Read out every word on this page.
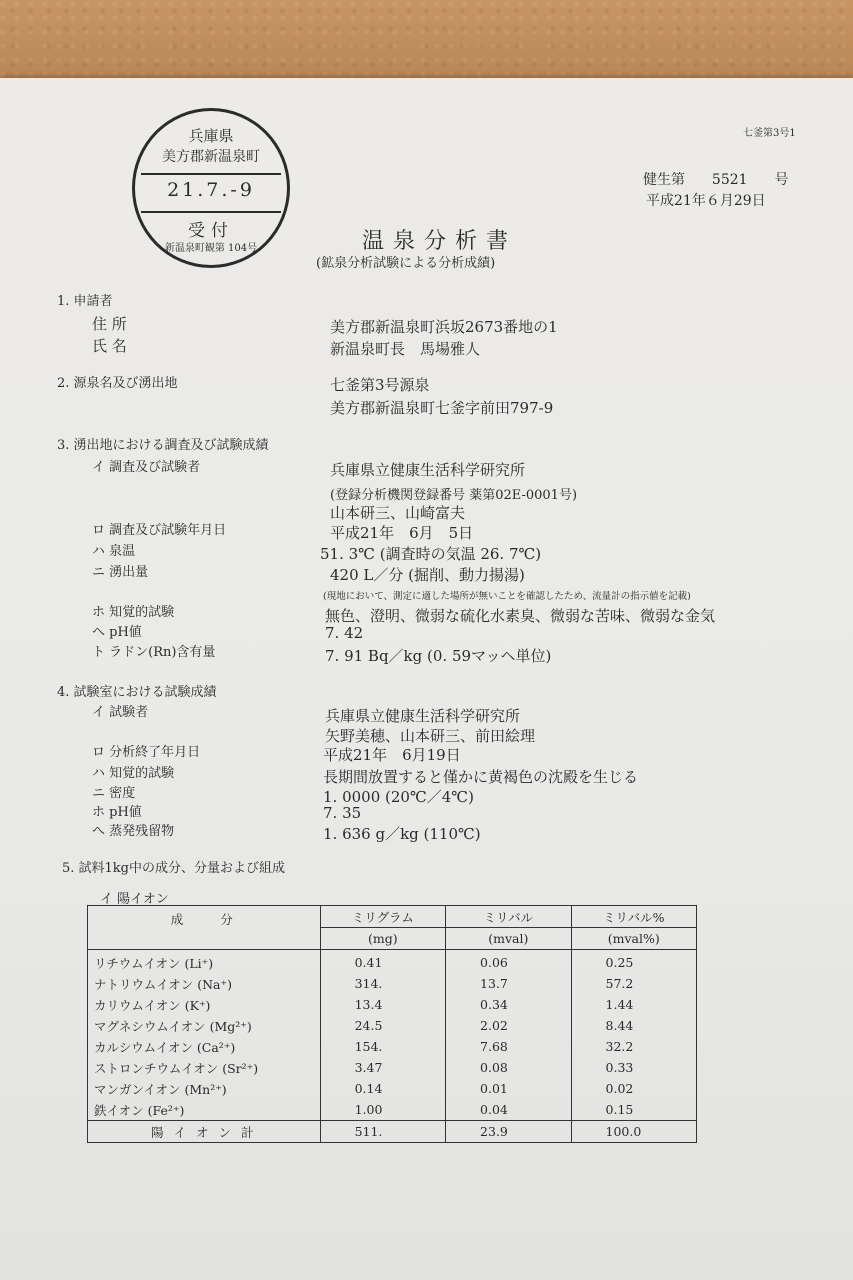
七釜第3号1
健生第 5521 号
平成21年６月29日
兵庫県
美方郡新温泉町
21.7.-9
受付
新温泉町観第 104号	温泉分析書
(鉱泉分析試験による分析成績)
1. 申請者
住 所	美方郡新温泉町浜坂2673番地の1
氏 名	新温泉町長　馬場雅人
2. 源泉名及び湧出地	七釜第3号源泉
美方郡新温泉町七釜字前田797-9
3. 湧出地における調査及び試験成績
イ 調査及び試験者	兵庫県立健康生活科学研究所
(登録分析機関登録番号 薬第02E-0001号)
山本研三、山崎富夫
ロ 調査及び試験年月日	平成21年　6月　5日
ハ 泉温	51. 3℃ (調査時の気温 26. 7℃)
ニ 湧出量	420 L／分 (掘削、動力揚湯)
(現地において、測定に適した場所が無いことを確認したため、流量計の指示値を記載)
ホ 知覚的試験	無色、澄明、微弱な硫化水素臭、微弱な苦味、微弱な金気
へ pH値	7. 42
ト ラドン(Rn)含有量	7. 91 Bq／kg (0. 59マッヘ単位)
4. 試験室における試験成績
イ 試験者	兵庫県立健康生活科学研究所
矢野美穂、山本研三、前田絵理
ロ 分析終了年月日	平成21年　6月19日
ハ 知覚的試験	長期間放置すると僅かに黄褐色の沈殿を生じる
ニ 密度	1. 0000 (20℃／4℃)
ホ pH値	7. 35
へ 蒸発残留物	1. 636 g／kg (110℃)
5. 試料1kg中の成分、分量および組成
イ 陽イオン
成　　分	ミリグラム	ミリバル	ミリバル%
	(mg)	(mval)	(mval%)
リチウムイオン (Li⁺)	0.41	0.06	0.25
ナトリウムイオン (Na⁺)	314.	13.7	57.2
カリウムイオン (K⁺)	13.4	0.34	1.44
マグネシウムイオン (Mg²⁺)	24.5	2.02	8.44
カルシウムイオン (Ca²⁺)	154.	7.68	32.2
ストロンチウムイオン (Sr²⁺)	3.47	0.08	0.33
マンガンイオン (Mn²⁺)	0.14	0.01	0.02
鉄イオン (Fe²⁺)	1.00	0.04	0.15
陽 イ オ ン 計	511.	23.9	100.0
